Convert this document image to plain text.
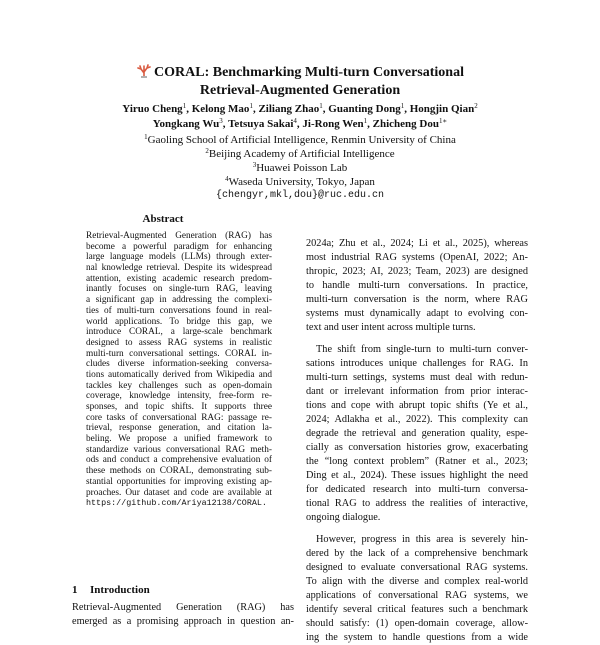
CORAL: Benchmarking Multi-turn Conversational
Retrieval-Augmented Generation
Yiruo Cheng$^1$, Kelong Mao$^1$, Ziliang Zhao$^1$, Guanting Dong$^1$, Hongjin Qian$^2$
Yongkang Wu$^3$, Tetsuya Sakai$^4$, Ji-Rong Wen$^1$, Zhicheng Dou$^{1∗}$
$^1$Gaoling School of Artificial Intelligence, Renmin University of China
$^2$Beijing Academy of Artificial Intelligence
$^3$Huawei Poisson Lab
$^4$Waseda University, Tokyo, Japan
{chengyr,mkl,dou}@ruc.edu.cn
Abstract
Retrieval-Augmented Generation (RAG) has
become a powerful paradigm for enhancing
large language models (LLMs) through exter-
nal knowledge retrieval. Despite its widespread
attention, existing academic research predom-
inantly focuses on single-turn RAG, leaving
a significant gap in addressing the complexi-
ties of multi-turn conversations found in real-
world applications. To bridge this gap, we
introduce CORAL, a large-scale benchmark
designed to assess RAG systems in realistic
multi-turn conversational settings. CORAL in-
cludes diverse information-seeking conversa-
tions automatically derived from Wikipedia and
tackles key challenges such as open-domain
coverage, knowledge intensity, free-form re-
sponses, and topic shifts. It supports three
core tasks of conversational RAG: passage re-
trieval, response generation, and citation la-
beling. We propose a unified framework to
standardize various conversational RAG meth-
ods and conduct a comprehensive evaluation of
these methods on CORAL, demonstrating sub-
stantial opportunities for improving existing ap-
proaches. Our dataset and code are available at
https://github.com/Ariya12138/CORAL.
1 Introduction
Retrieval-Augmented Generation (RAG) has
emerged as a promising approach in question an-
2024a; Zhu et al., 2024; Li et al., 2025), whereas
most industrial RAG systems (OpenAI, 2022; An-
thropic, 2023; AI, 2023; Team, 2023) are designed
to handle multi-turn conversations. In practice,
multi-turn conversation is the norm, where RAG
systems must dynamically adapt to evolving con-
text and user intent across multiple turns.
The shift from single-turn to multi-turn conver-
sations introduces unique challenges for RAG. In
multi-turn settings, systems must deal with redun-
dant or irrelevant information from prior interac-
tions and cope with abrupt topic shifts (Ye et al.,
2024; Adlakha et al., 2022). This complexity can
degrade the retrieval and generation quality, espe-
cially as conversation histories grow, exacerbating
the “long context problem” (Ratner et al., 2023;
Ding et al., 2024). These issues highlight the need
for dedicated research into multi-turn conversa-
tional RAG to address the realities of interactive,
ongoing dialogue.
However, progress in this area is severely hin-
dered by the lack of a comprehensive benchmark
designed to evaluate conversational RAG systems.
To align with the diverse and complex real-world
applications of conversational RAG systems, we
identify several critical features such a benchmark
should satisfy: (1) open-domain coverage, allow-
ing the system to handle questions from a wide
